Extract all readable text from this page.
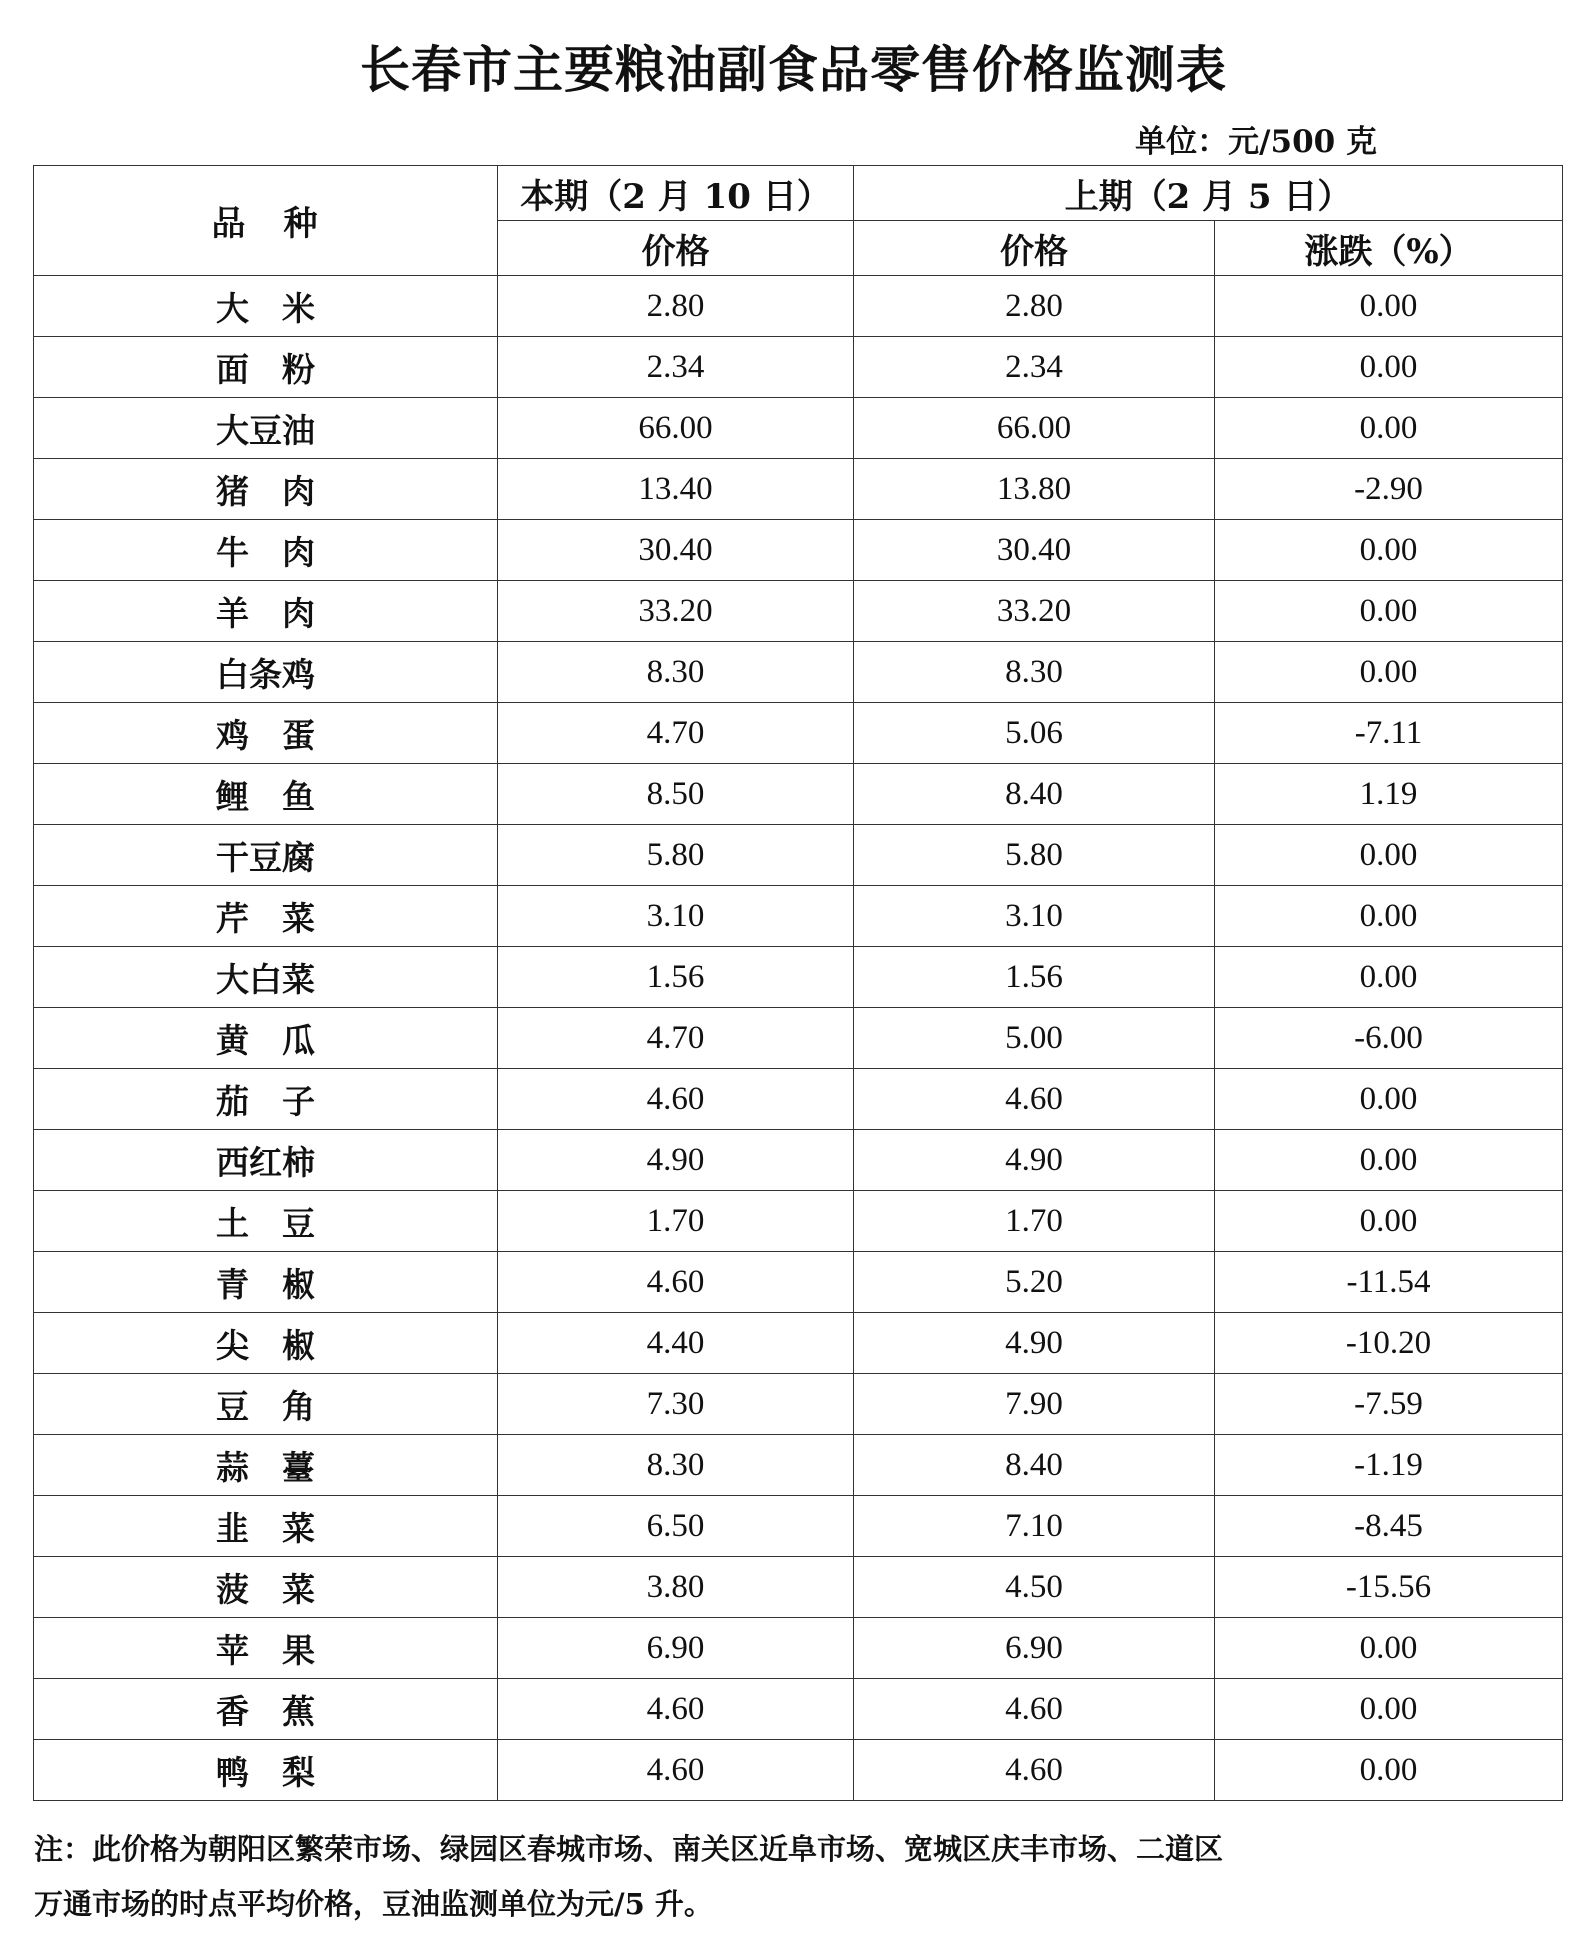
长春市主要粮油副食品零售价格监测表
单位：元/500 克
品　种	本期（2 月 10 日）	上期（2 月 5 日）	
	价格	价格	涨跌（%）
大　米	2.80	2.80	0.00
面　粉	2.34	2.34	0.00
大豆油	66.00	66.00	0.00
猪　肉	13.40	13.80	-2.90
牛　肉	30.40	30.40	0.00
羊　肉	33.20	33.20	0.00
白条鸡	8.30	8.30	0.00
鸡　蛋	4.70	5.06	-7.11
鲤　鱼	8.50	8.40	1.19
干豆腐	5.80	5.80	0.00
芹　菜	3.10	3.10	0.00
大白菜	1.56	1.56	0.00
黄　瓜	4.70	5.00	-6.00
茄　子	4.60	4.60	0.00
西红柿	4.90	4.90	0.00
土　豆	1.70	1.70	0.00
青　椒	4.60	5.20	-11.54
尖　椒	4.40	4.90	-10.20
豆　角	7.30	7.90	-7.59
蒜　薹	8.30	8.40	-1.19
韭　菜	6.50	7.10	-8.45
菠　菜	3.80	4.50	-15.56
苹　果	6.90	6.90	0.00
香　蕉	4.60	4.60	0.00
鸭　梨	4.60	4.60	0.00
注：此价格为朝阳区繁荣市场、绿园区春城市场、南关区近阜市场、宽城区庆丰市场、二道区
万通市场的时点平均价格，豆油监测单位为元/5 升。
